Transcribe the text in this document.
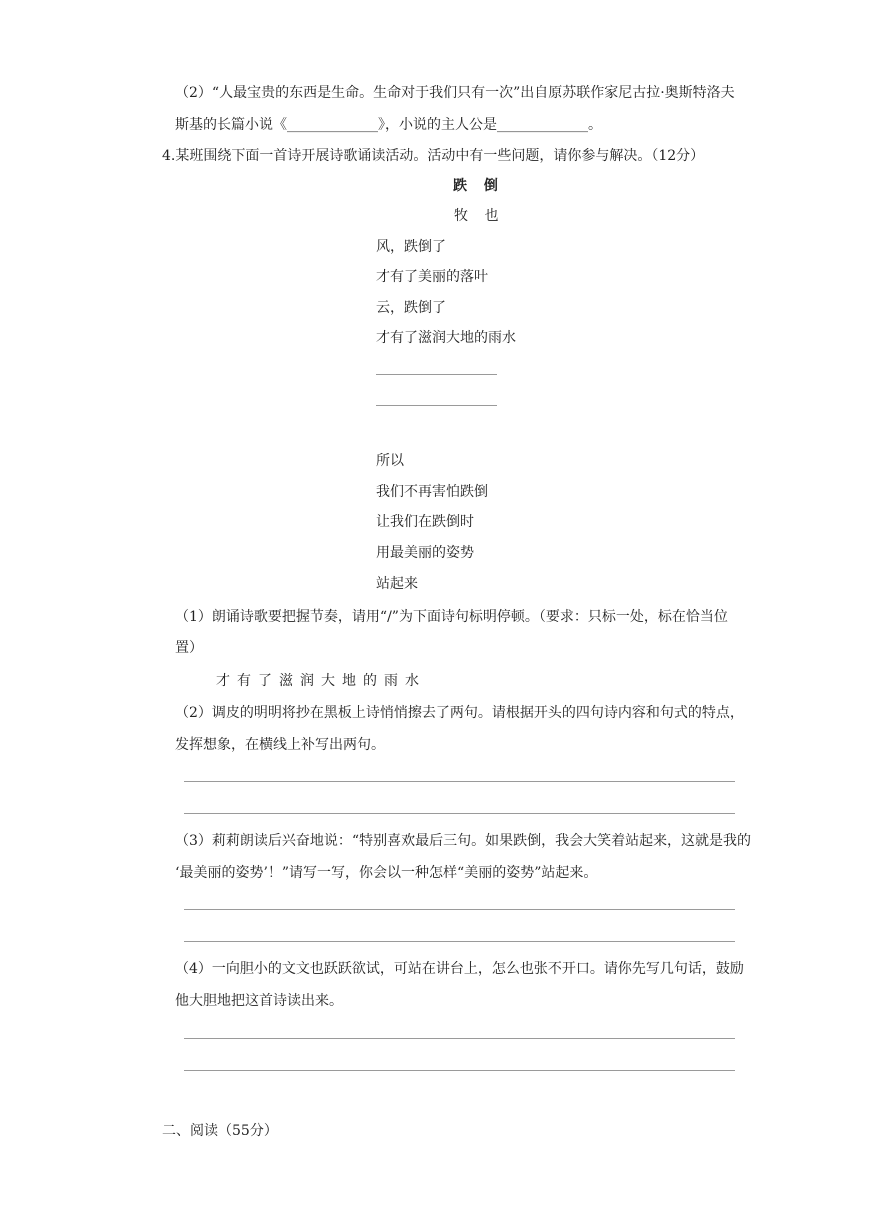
（2）“人最宝贵的东西是生命。生命对于我们只有一次”出自原苏联作家尼古拉·奥斯特洛夫
斯基的长篇小说《_____________》，小说的主人公是_____________。
4.某班围绕下面一首诗开展诗歌诵读活动。活动中有一些问题，请你参与解决。（12分）
跌 倒
牧 也
风，跌倒了
才有了美丽的落叶
云，跌倒了
才有了滋润大地的雨水
所以
我们不再害怕跌倒
让我们在跌倒时
用最美丽的姿势
站起来
（1）朗诵诗歌要把握节奏，请用“/”为下面诗句标明停顿。（要求：只标一处，标在恰当位
置）
才有了滋润大地的雨水
（2）调皮的明明将抄在黑板上诗悄悄擦去了两句。请根据开头的四句诗内容和句式的特点，
发挥想象，在横线上补写出两句。
（3）莉莉朗读后兴奋地说：“特别喜欢最后三句。如果跌倒，我会大笑着站起来，这就是我的
‘最美丽的姿势’！”请写一写，你会以一种怎样“美丽的姿势”站起来。
（4）一向胆小的文文也跃跃欲试，可站在讲台上，怎么也张不开口。请你先写几句话，鼓励
他大胆地把这首诗读出来。
二、阅读（55分）
